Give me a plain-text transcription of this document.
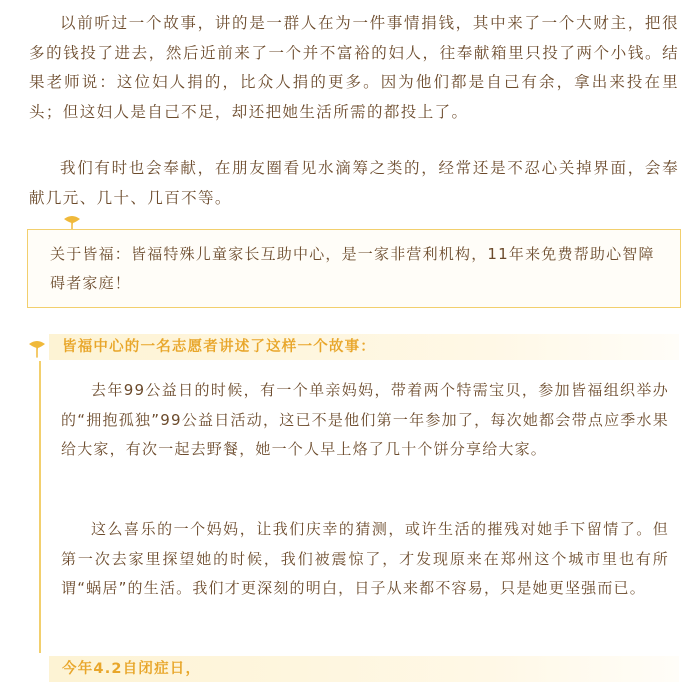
以前听过一个故事，讲的是一群人在为一件事情捐钱，其中来了一个大财主，把很多的钱投了进去，然后近前来了一个并不富裕的妇人，往奉献箱里只投了两个小钱。结果老师说：这位妇人捐的，比众人捐的更多。因为他们都是自己有余，拿出来投在里头；但这妇人是自己不足，却还把她生活所需的都投上了。

我们有时也会奉献，在朋友圈看见水滴筹之类的，经常还是不忍心关掉界面，会奉献几元、几十、几百不等。

关于皆福：皆福特殊儿童家长互助中心，是一家非营利机构，11年来免费帮助心智障碍者家庭！

皆福中心的一名志愿者讲述了这样一个故事：

去年99公益日的时候，有一个单亲妈妈，带着两个特需宝贝，参加皆福组织举办的“拥抱孤独”99公益日活动，这已不是他们第一年参加了，每次她都会带点应季水果给大家，有次一起去野餐，她一个人早上烙了几十个饼分享给大家。

这么喜乐的一个妈妈，让我们庆幸的猜测，或许生活的摧残对她手下留情了。但第一次去家里探望她的时候，我们被震惊了，才发现原来在郑州这个城市里也有所谓“蜗居”的生活。我们才更深刻的明白，日子从来都不容易，只是她更坚强而已。

今年4.2自闭症日，
